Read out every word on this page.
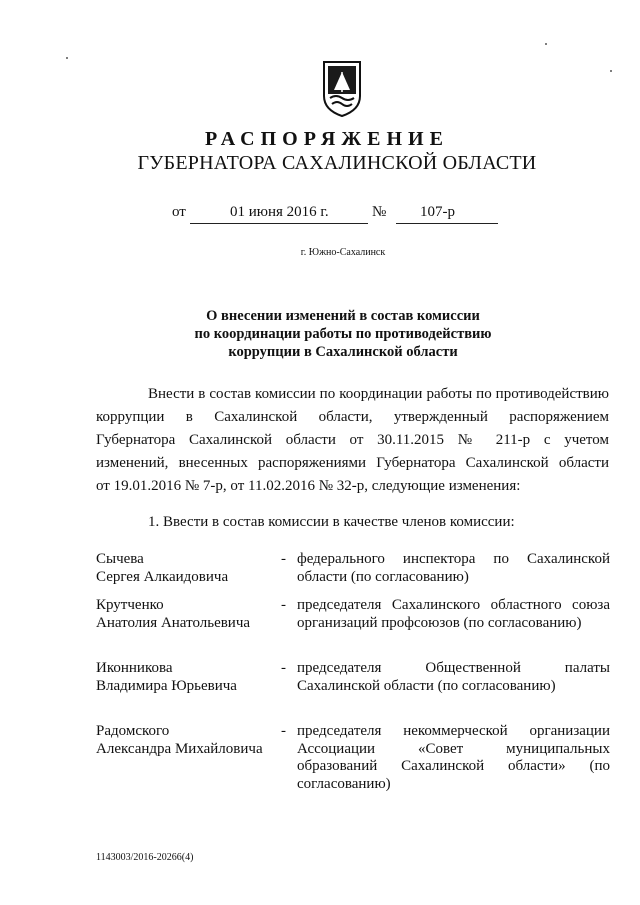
РАСПОРЯЖЕНИЕ
ГУБЕРНАТОРА САХАЛИНСКОЙ ОБЛАСТИ
от	01 июня 2016 г.	№ 107-р
г. Южно-Сахалинск
О внесении изменений в состав комиссии
по координации работы по противодействию
коррупции в Сахалинской области
Внести в состав комиссии по координации работы по противодействию
коррупции в Сахалинской области, утвержденный распоряжением
Губернатора Сахалинской области от 30.11.2015 № 211-р с учетом
изменений, внесенных распоряжениями Губернатора Сахалинской области
от 19.01.2016 № 7-р, от 11.02.2016 № 32-р, следующие изменения:
1. Ввести в состав комиссии в качестве членов комиссии:
Сычева
Сергея Алкаидовича
- федерального инспектора по Сахалинской
области (по согласованию)
Крутченко
Анатолия Анатольевича
- председателя Сахалинского областного союза
организаций профсоюзов (по согласованию)
Иконникова
Владимира Юрьевича
- председателя Общественной палаты
Сахалинской области (по согласованию)
Радомского
Александра Михайловича
- председателя некоммерческой организации
Ассоциации «Совет муниципальных
образований Сахалинской области» (по
согласованию)
1143003/2016-20266(4)
